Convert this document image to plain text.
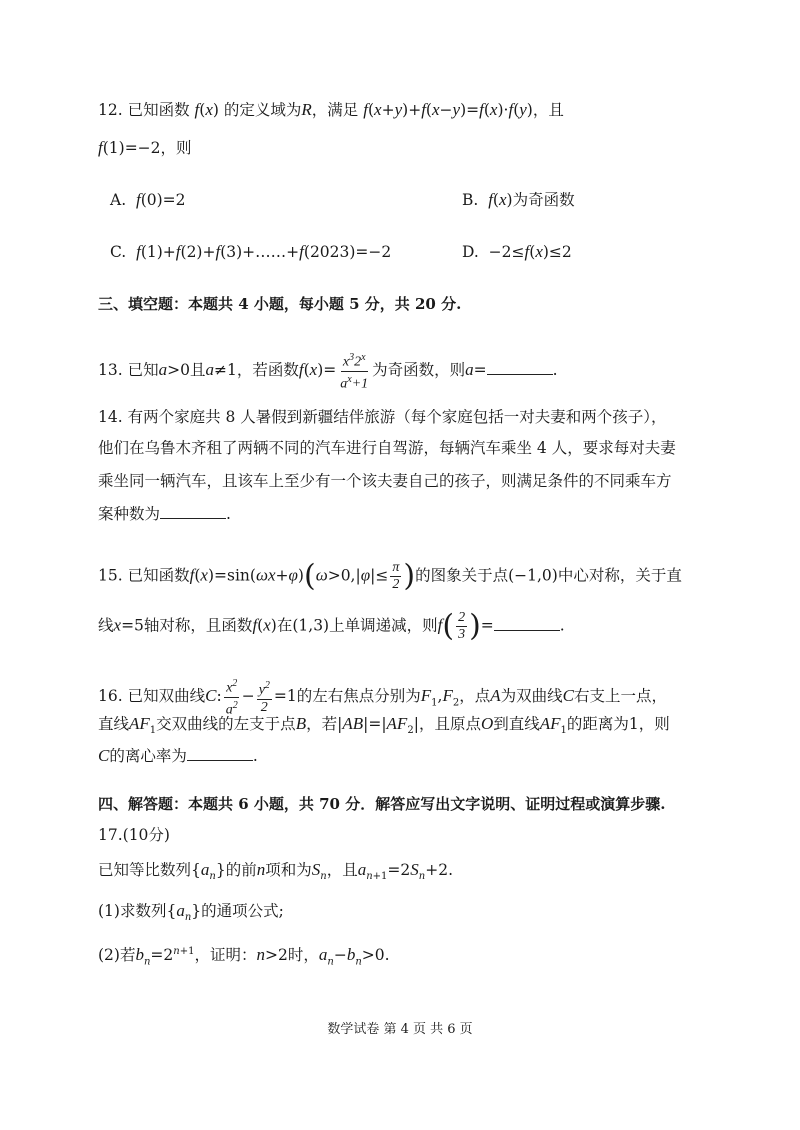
12. 已知函数 f(x) 的定义域为R，满足 f(x+y)+f(x−y)=f(x)·f(y)，且
f(1)=−2，则
A. f(0)=2	B. f(x)为奇函数
C. f(1)+f(2)+f(3)+……+f(2023)=−2	D.  −2≤f(x)≤2
三、填空题：本题共 4 小题，每小题 5 分，共 20 分.
13. 已知a>0且a≠1，若函数$f(x)= \frac{x^32^x}{a^x+1}$ 为奇函数，则a=	.
14. 有两个家庭共 8 人暑假到新疆结伴旅游（每个家庭包括一对夫妻和两个孩子），
他们在乌鲁木齐租了两辆不同的汽车进行自驾游，每辆汽车乘坐 4 人，要求每对夫妻
乘坐同一辆汽车，且该车上至少有一个该夫妻自己的孩子，则满足条件的不同乘车方
案种数为	.
15. 已知函数$f(x)=\sin(\omega x+\varphi)(\omega>0,|\varphi|\le \frac{\pi}{2}$ )的图象关于点(−1,0)中心对称，关于直
线x=5轴对称，且函数f(x)在(1,3)上单调递减，则$f( \frac{2}{3}$ )=	.
16. 已知双曲线C: $\frac{x^2}{a^2} - \frac{y^2}{2} =1$的左右焦点分别为$F_1,F_2$，点A为双曲线C右支上一点，
直线$AF_1$交双曲线的左支于点B，若$|AB|=|AF_2|$，且原点O到直线$AF_1$的距离为1，则
C的离心率为	.
四、解答题：本题共 6 小题，共 70 分．解答应写出文字说明、证明过程或演算步骤.
17.(10分)
已知等比数列$\{a_n\}$的前n项和为$S_n$，且$a_{n+1}=2S_n+2$.
(1)求数列$\{a_n\}$的通项公式;
(2)若$b_n=2^{n+1}$，证明：n>2时，$a_n-b_n>0$.
数学试卷 第 4 页 共 6 页
